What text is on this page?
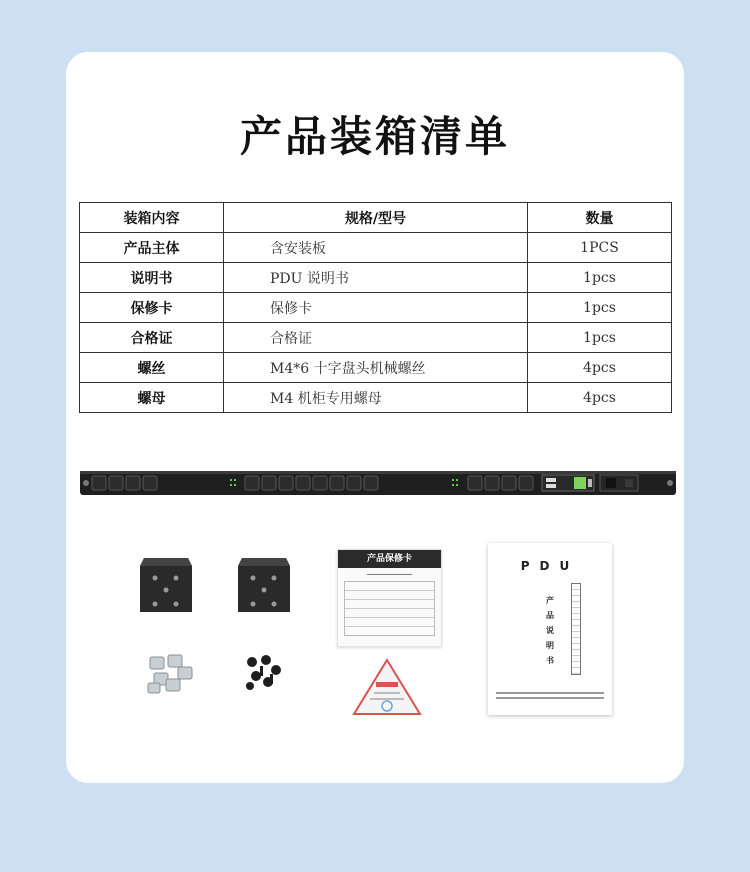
产品装箱清单
装箱内容	规格/型号	数量
产品主体	含安装板	1PCS
说明书	PDU 说明书	1pcs
保修卡	保修卡	1pcs
合格证	合格证	1pcs
螺丝	M4*6 十字盘头机械螺丝	4pcs
螺母	M4 机柜专用螺母	4pcs
产品保修卡
━━━━━━━━━━━━━━━
PDU
产
品
说
明
书
